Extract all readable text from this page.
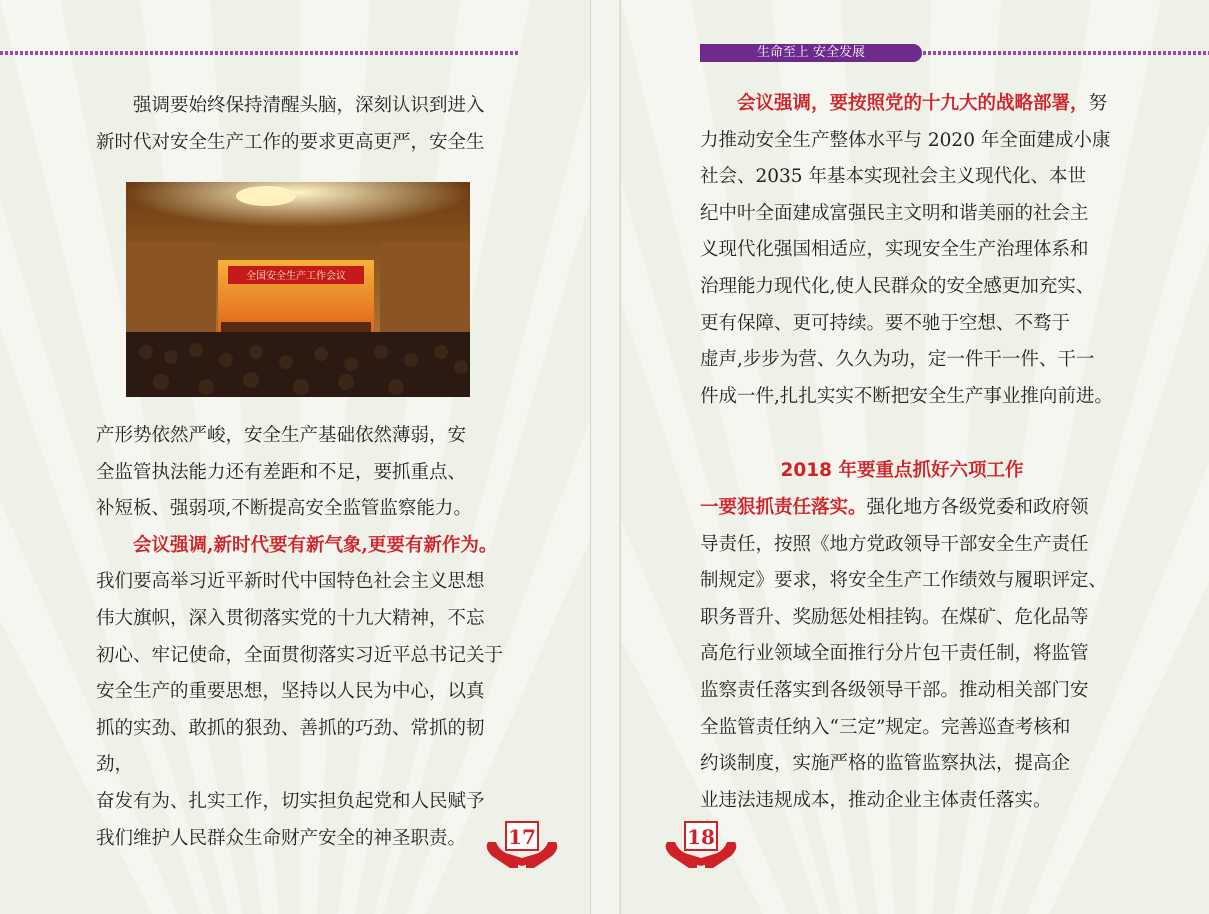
生命至上 安全发展

强调要始终保持清醒头脑，深刻认识到进入

新时代对安全生产工作的要求更高更严，安全生

全国安全生产工作会议

产形势依然严峻，安全生产基础依然薄弱，安

全监管执法能力还有差距和不足，要抓重点、

补短板、强弱项,不断提高安全监管监察能力。

会议强调,新时代要有新气象,更要有新作为。

我们要高举习近平新时代中国特色社会主义思想

伟大旗帜，深入贯彻落实党的十九大精神，不忘

初心、牢记使命，全面贯彻落实习近平总书记关于

安全生产的重要思想，坚持以人民为中心，以真

抓的实劲、敢抓的狠劲、善抓的巧劲、常抓的韧劲，

奋发有为、扎实工作，切实担负起党和人民赋予

我们维护人民群众生命财产安全的神圣职责。

会议强调，要按照党的十九大的战略部署，努

力推动安全生产整体水平与 2020 年全面建成小康

社会、2035 年基本实现社会主义现代化、本世

纪中叶全面建成富强民主文明和谐美丽的社会主

义现代化强国相适应，实现安全生产治理体系和

治理能力现代化,使人民群众的安全感更加充实、

更有保障、更可持续。要不驰于空想、不骛于

虚声,步步为营、久久为功，定一件干一件、干一

件成一件,扎扎实实不断把安全生产事业推向前进。

2018 年要重点抓好六项工作

一要狠抓责任落实。强化地方各级党委和政府领

导责任，按照《地方党政领导干部安全生产责任

制规定》要求，将安全生产工作绩效与履职评定、

职务晋升、奖励惩处相挂钩。在煤矿、危化品等

高危行业领域全面推行分片包干责任制，将监管

监察责任落实到各级领导干部。推动相关部门安

全监管责任纳入“三定”规定。完善巡查考核和

约谈制度，实施严格的监管监察执法，提高企

业违法违规成本，推动企业主体责任落实。

17	18
